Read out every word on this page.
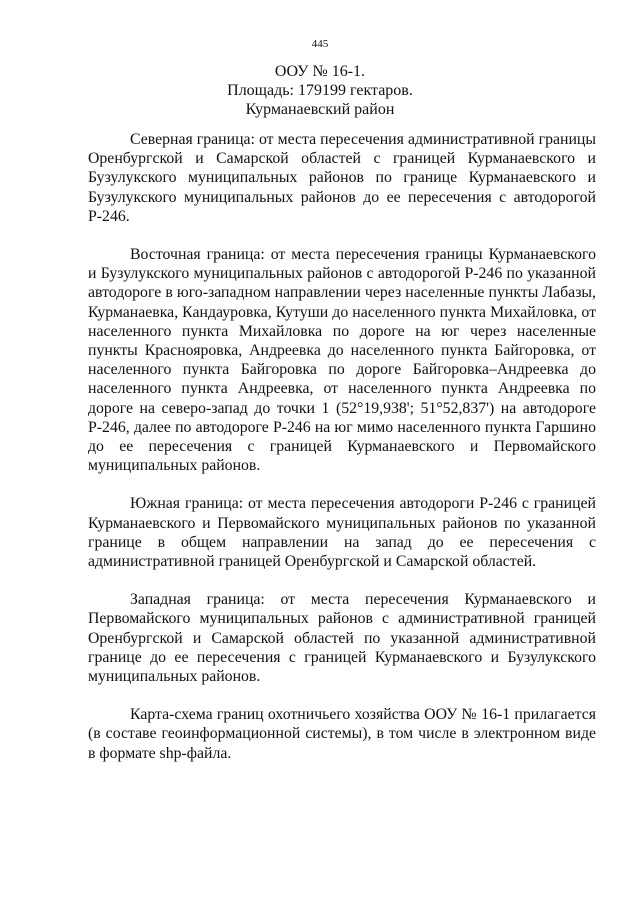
445
ООУ № 16-1.
Площадь: 179199 гектаров.
Курманаевский район

Северная граница: от места пересечения административной границы Оренбургской и Самарской областей с границей Курманаевского и Бузулукского муниципальных районов по границе Курманаевского и Бузулукского муниципальных районов до ее пересечения с автодорогой Р-246.

Восточная граница: от места пересечения границы Курманаевского и Бузулукского муниципальных районов с автодорогой Р-246 по указанной автодороге в юго-западном направлении через населенные пункты Лабазы, Курманаевка, Кандауровка, Кутуши до населенного пункта Михайловка, от населенного пункта Михайловка по дороге на юг через населенные пункты Краснояровка, Андреевка до населенного пункта Байгоровка, от населенного пункта Байгоровка по дороге Байгоровка–Андреевка до населенного пункта Андреевка, от населенного пункта Андреевка по дороге на северо-запад до точки 1 (52°19,938'; 51°52,837') на автодороге Р-246, далее по автодороге Р-246 на юг мимо населенного пункта Гаршино до ее пересечения с границей Курманаевского и Первомайского муниципальных районов.

Южная граница: от места пересечения автодороги Р-246 с границей Курманаевского и Первомайского муниципальных районов по указанной границе в общем направлении на запад до ее пересечения с административной границей Оренбургской и Самарской областей.

Западная граница: от места пересечения Курманаевского и Первомайского муниципальных районов с административной границей Оренбургской и Самарской областей по указанной административной границе до ее пересечения с границей Курманаевского и Бузулукского муниципальных районов.

Карта-схема границ охотничьего хозяйства ООУ № 16-1 прилагается (в составе геоинформационной системы), в том числе в электронном виде в формате shp-файла.
